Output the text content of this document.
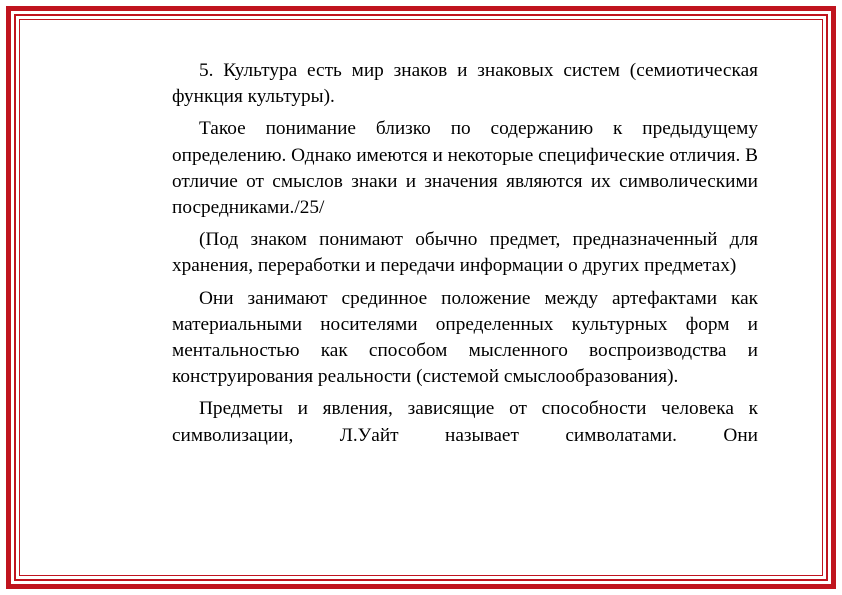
5. Культура есть мир знаков и знаковых систем (семиотическая функция культуры).

Такое понимание близко по содержанию к предыдущему определению. Однако имеются и некоторые специфические отличия. В отличие от смыслов знаки и значения являются их символическими посредниками./25/

(Под знаком понимают обычно предмет, предназначенный для хранения, переработки и передачи информации о других предметах)

Они занимают срединное положение между артефактами как материальными носителями определенных культурных форм и ментальностью как способом мысленного воспроизводства и конструирования реальности (системой смыслообразования).

Предметы и явления, зависящие от способности человека к символизации, Л.Уайт называет символатами. Они
